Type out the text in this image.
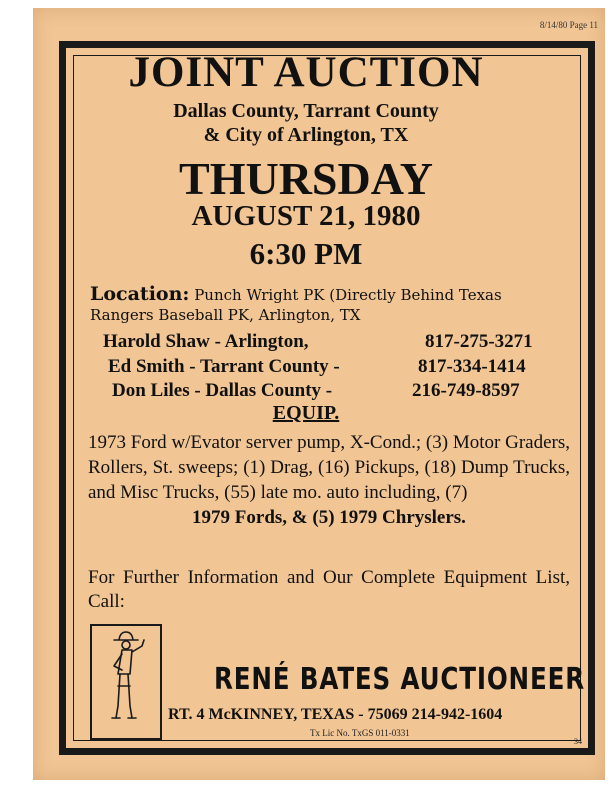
8/14/80 Page 11
JOINT AUCTION
Dallas County, Tarrant County
& City of Arlington, TX
THURSDAY
AUGUST 21, 1980
6:30 PM
Location: Punch Wright PK (Directly Behind Texas
Rangers Baseball PK, Arlington, TX
Harold Shaw - Arlington,	817-275-3271
Ed Smith - Tarrant County -	817-334-1414
Don Liles - Dallas County -	216-749-8597
EQUIP.
1973 Ford w/Evator server pump, X-Cond.; (3) Motor Graders, Rollers, St. sweeps; (1) Drag, (16) Pickups, (18) Dump Trucks, and Misc Trucks, (55) late mo. auto including, (7)
1979 Fords, & (5) 1979 Chryslers.
For Further Information and Our Complete Equipment List, Call:
RENÉ BATES AUCTIONEER
RT. 4 McKINNEY, TEXAS - 75069 214-942-1604
Tx Lic No. TxGS 011-0331
34
